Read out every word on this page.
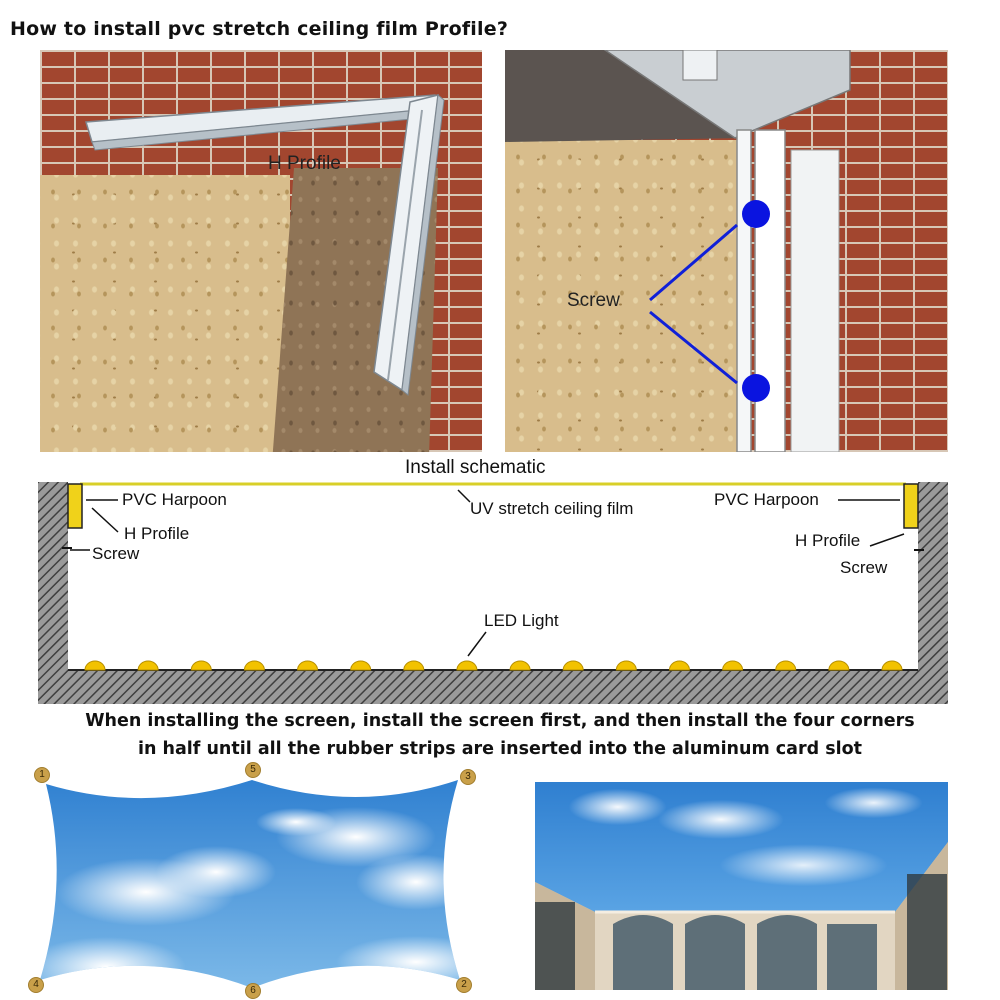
How to install pvc stretch ceiling film Profile?
H Profile
Screw
Install schematic
PVC Harpoon
H Profile
Screw
UV stretch ceiling film	PVC Harpoon
H Profile
Screw
LED Light
When installing the screen, install the screen first, and then install the four corners
in half until all the rubber strips are inserted into the aluminum card slot
1	5
3
4
6
2
